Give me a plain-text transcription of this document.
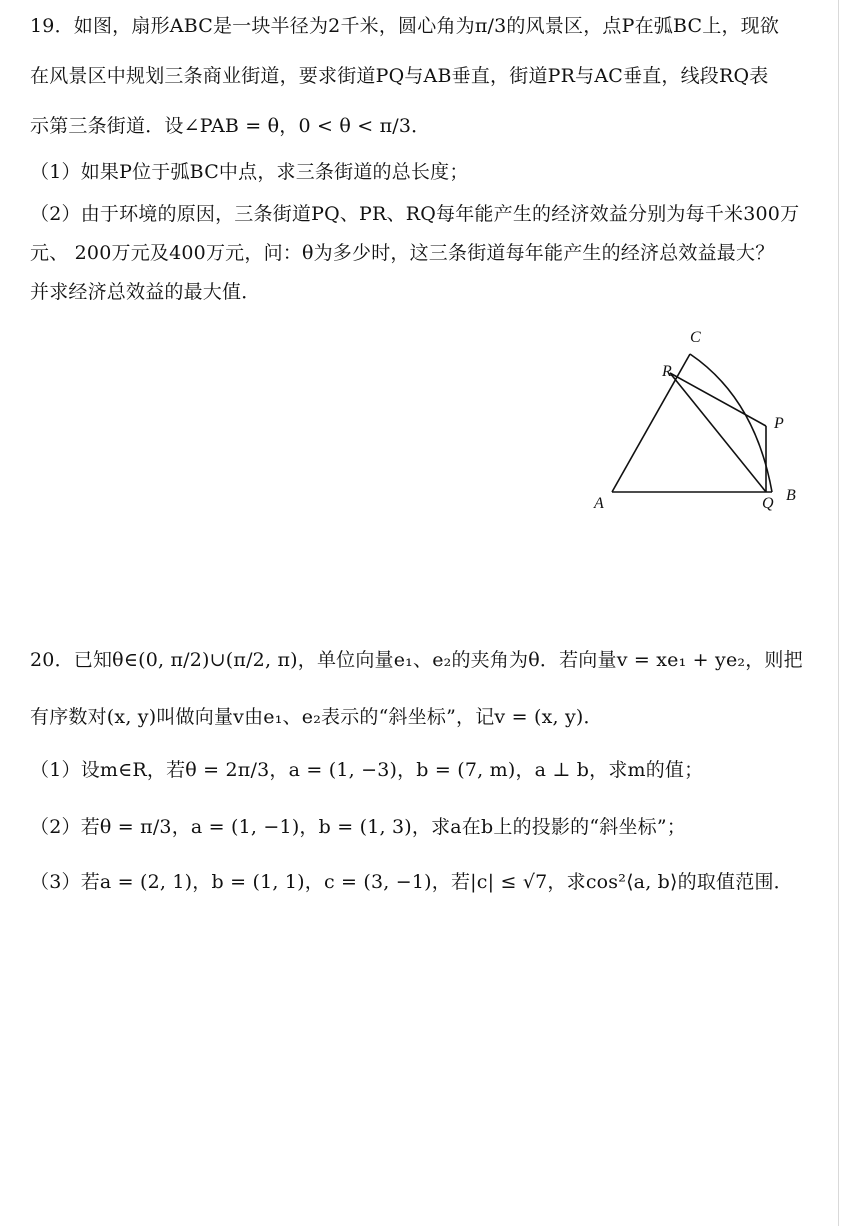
19．如图，扇形ABC是一块半径为2千米，圆心角为π/3的风景区，点P在弧BC上，现欲
在风景区中规划三条商业街道，要求街道PQ与AB垂直，街道PR与AC垂直，线段RQ表
示第三条街道．设∠PAB = θ，0 < θ < π/3．
（1）如果P位于弧BC中点，求三条街道的总长度；
（2）由于环境的原因，三条街道PQ、PR、RQ每年能产生的经济效益分别为每千米300万
元、 200万元及400万元，问：θ为多少时，这三条街道每年能产生的经济总效益最大？
并求经济总效益的最大值．
C
R
P
A	Q B
20．已知θ∈(0, π/2)∪(π/2, π)，单位向量e₁、e₂的夹角为θ．若向量v = xe₁ + ye₂，则把
有序数对(x, y)叫做向量v由e₁、e₂表示的“斜坐标”，记v = (x, y)．
（1）设m∈R，若θ = 2π/3，a = (1, −3)，b = (7, m)，a ⊥ b，求m的值；
（2）若θ = π/3，a = (1, −1)，b = (1, 3)，求a在b上的投影的“斜坐标”；
（3）若a = (2, 1)，b = (1, 1)，c = (3, −1)，若|c| ≤ √7，求cos²⟨a, b⟩的取值范围．
